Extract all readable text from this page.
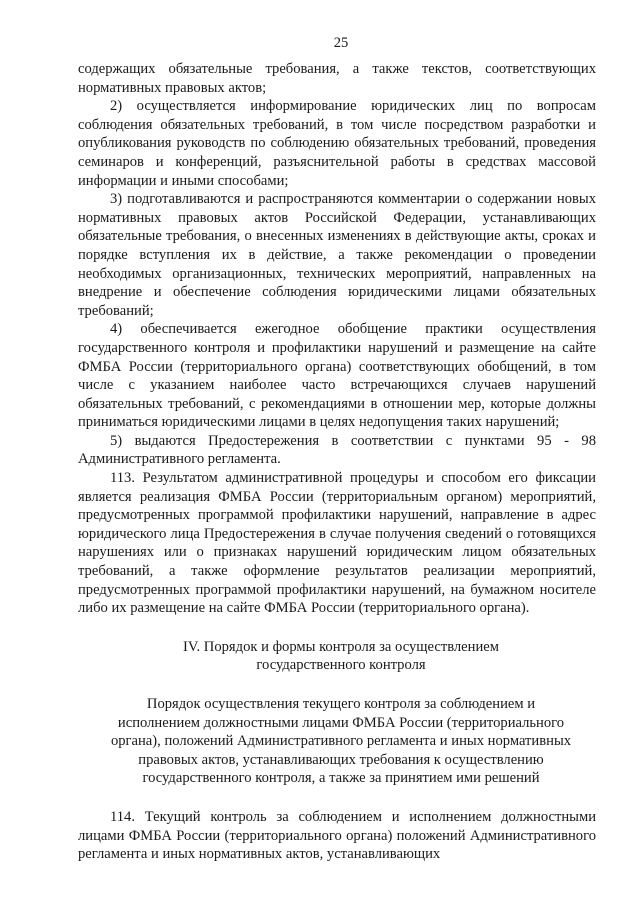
25

содержащих обязательные требования, а также текстов, соответствующих нормативных правовых актов;

2) осуществляется информирование юридических лиц по вопросам соблюдения обязательных требований, в том числе посредством разработки и опубликования руководств по соблюдению обязательных требований, проведения семинаров и конференций, разъяснительной работы в средствах массовой информации и иными способами;

3) подготавливаются и распространяются комментарии о содержании новых нормативных правовых актов Российской Федерации, устанавливающих обязательные требования, о внесенных изменениях в действующие акты, сроках и порядке вступления их в действие, а также рекомендации о проведении необходимых организационных, технических мероприятий, направленных на внедрение и обеспечение соблюдения юридическими лицами обязательных требований;

4) обеспечивается ежегодное обобщение практики осуществления государственного контроля и профилактики нарушений и размещение на сайте ФМБА России (территориального органа) соответствующих обобщений, в том числе с указанием наиболее часто встречающихся случаев нарушений обязательных требований, с рекомендациями в отношении мер, которые должны приниматься юридическими лицами в целях недопущения таких нарушений;

5) выдаются Предостережения в соответствии с пунктами 95 - 98 Административного регламента.

113. Результатом административной процедуры и способом его фиксации является реализация ФМБА России (территориальным органом) мероприятий, предусмотренных программой профилактики нарушений, направление в адрес юридического лица Предостережения в случае получения сведений о готовящихся нарушениях или о признаках нарушений юридическим лицом обязательных требований, а также оформление результатов реализации мероприятий, предусмотренных программой профилактики нарушений, на бумажном носителе либо их размещение на сайте ФМБА России (территориального органа).

IV. Порядок и формы контроля за осуществлением
государственного контроля

Порядок осуществления текущего контроля за соблюдением и исполнением должностными лицами ФМБА России (территориального органа), положений Административного регламента и иных нормативных правовых актов, устанавливающих требования к осуществлению государственного контроля, а также за принятием ими решений

114. Текущий контроль за соблюдением и исполнением должностными лицами ФМБА России (территориального органа) положений Административного регламента и иных нормативных актов, устанавливающих
